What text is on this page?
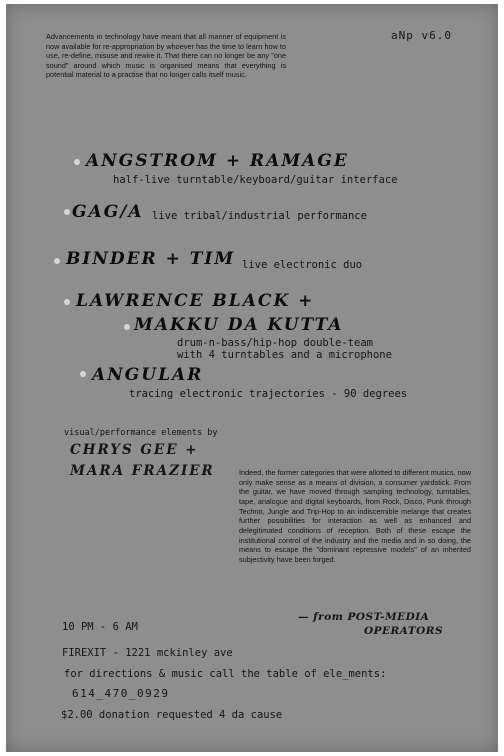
Advancements in technology have meant that all manner of equipment is now available for re-appropriation by whoever has the time to learn how to use, re-define, misuse and rewire it. That there can no longer be any "one sound" around which music is organised means that everything is potential material to a practise that no longer calls itself music.
aNp v6.0
ANGSTROM + RAMAGE
half-live turntable/keyboard/guitar interface
GAG/A live tribal/industrial performance
BINDER + TIM live electronic duo
LAWRENCE BLACK +
MAKKU DA KUTTA
drum-n-bass/hip-hop double-team
with 4 turntables and a microphone
ANGULAR
tracing electronic trajectories - 90 degrees
visual/performance elements by
CHRYS GEE +
MARA FRAZIER	Indeed, the former categories that were allotted to different musics, now only make sense as a means of division, a consumer yardstick. From the guitar, we have moved through sampling technology, turntables, tape, analogue and digital keyboards, from Rock, Disco, Punk through Techno, Jungle and Trip-Hop to an indiscernible melange that creates further possibilities for interaction as well as enhanced and delegitimated conditions of reception. Both of these escape the institutional control of the industry and the media and in so doing, the means to escape the "dominant repressive models" of an inherited subjectivity have been forged.
— from POST-MEDIA
OPERATORS
10 PM - 6 AM
FIREXIT - 1221 mckinley ave
for directions & music call the table of ele_ments:
614_470_0929
$2.00 donation requested 4 da cause
